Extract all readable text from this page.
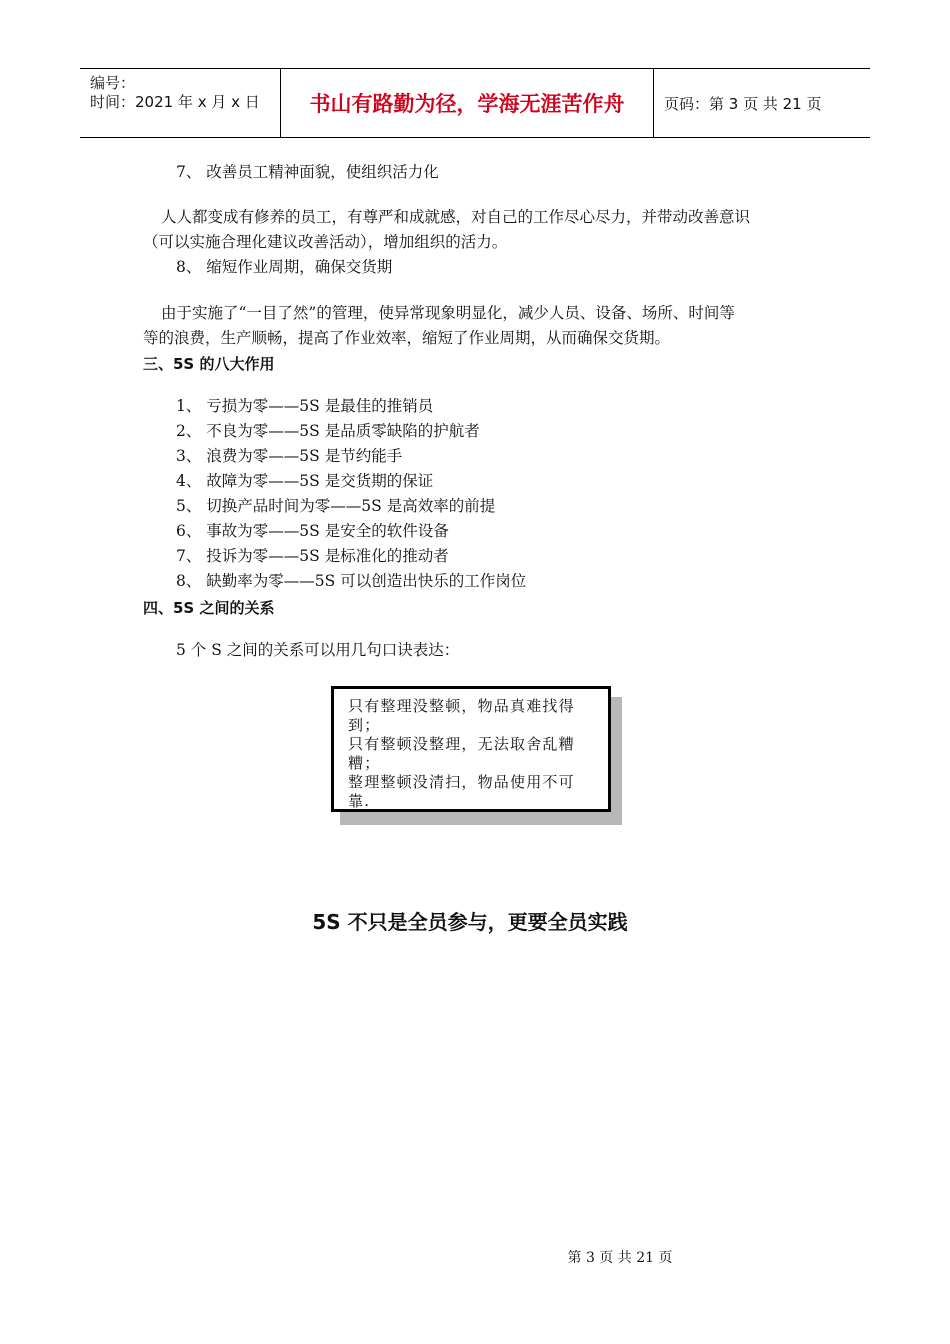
编号：
时间：2021 年 x 月 x 日 书山有路勤为径，学海无涯苦作舟	页码：第 3 页 共 21 页
7、 改善员工精神面貌，使组织活力化
人人都变成有修养的员工，有尊严和成就感，对自己的工作尽心尽力，并带动改善意识
（可以实施合理化建议改善活动），增加组织的活力。
8、 缩短作业周期，确保交货期
由于实施了“一目了然”的管理，使异常现象明显化，减少人员、设备、场所、时间等
等的浪费，生产顺畅，提高了作业效率，缩短了作业周期，从而确保交货期。
三、5S 的八大作用
1、 亏损为零——5S 是最佳的推销员
2、 不良为零——5S 是品质零缺陷的护航者
3、 浪费为零——5S 是节约能手
4、 故障为零——5S 是交货期的保证
5、 切换产品时间为零——5S 是高效率的前提
6、 事故为零——5S 是安全的软件设备
7、 投诉为零——5S 是标准化的推动者
8、 缺勤率为零——5S 可以创造出快乐的工作岗位
四、5S 之间的关系
5 个 S 之间的关系可以用几句口诀表达：
只有整理没整顿，物品真难找得
到；
只有整顿没整理，无法取舍乱糟
糟；
整理整顿没清扫，物品使用不可
靠.
5S 不只是全员参与，更要全员实践
第 3 页 共 21 页
